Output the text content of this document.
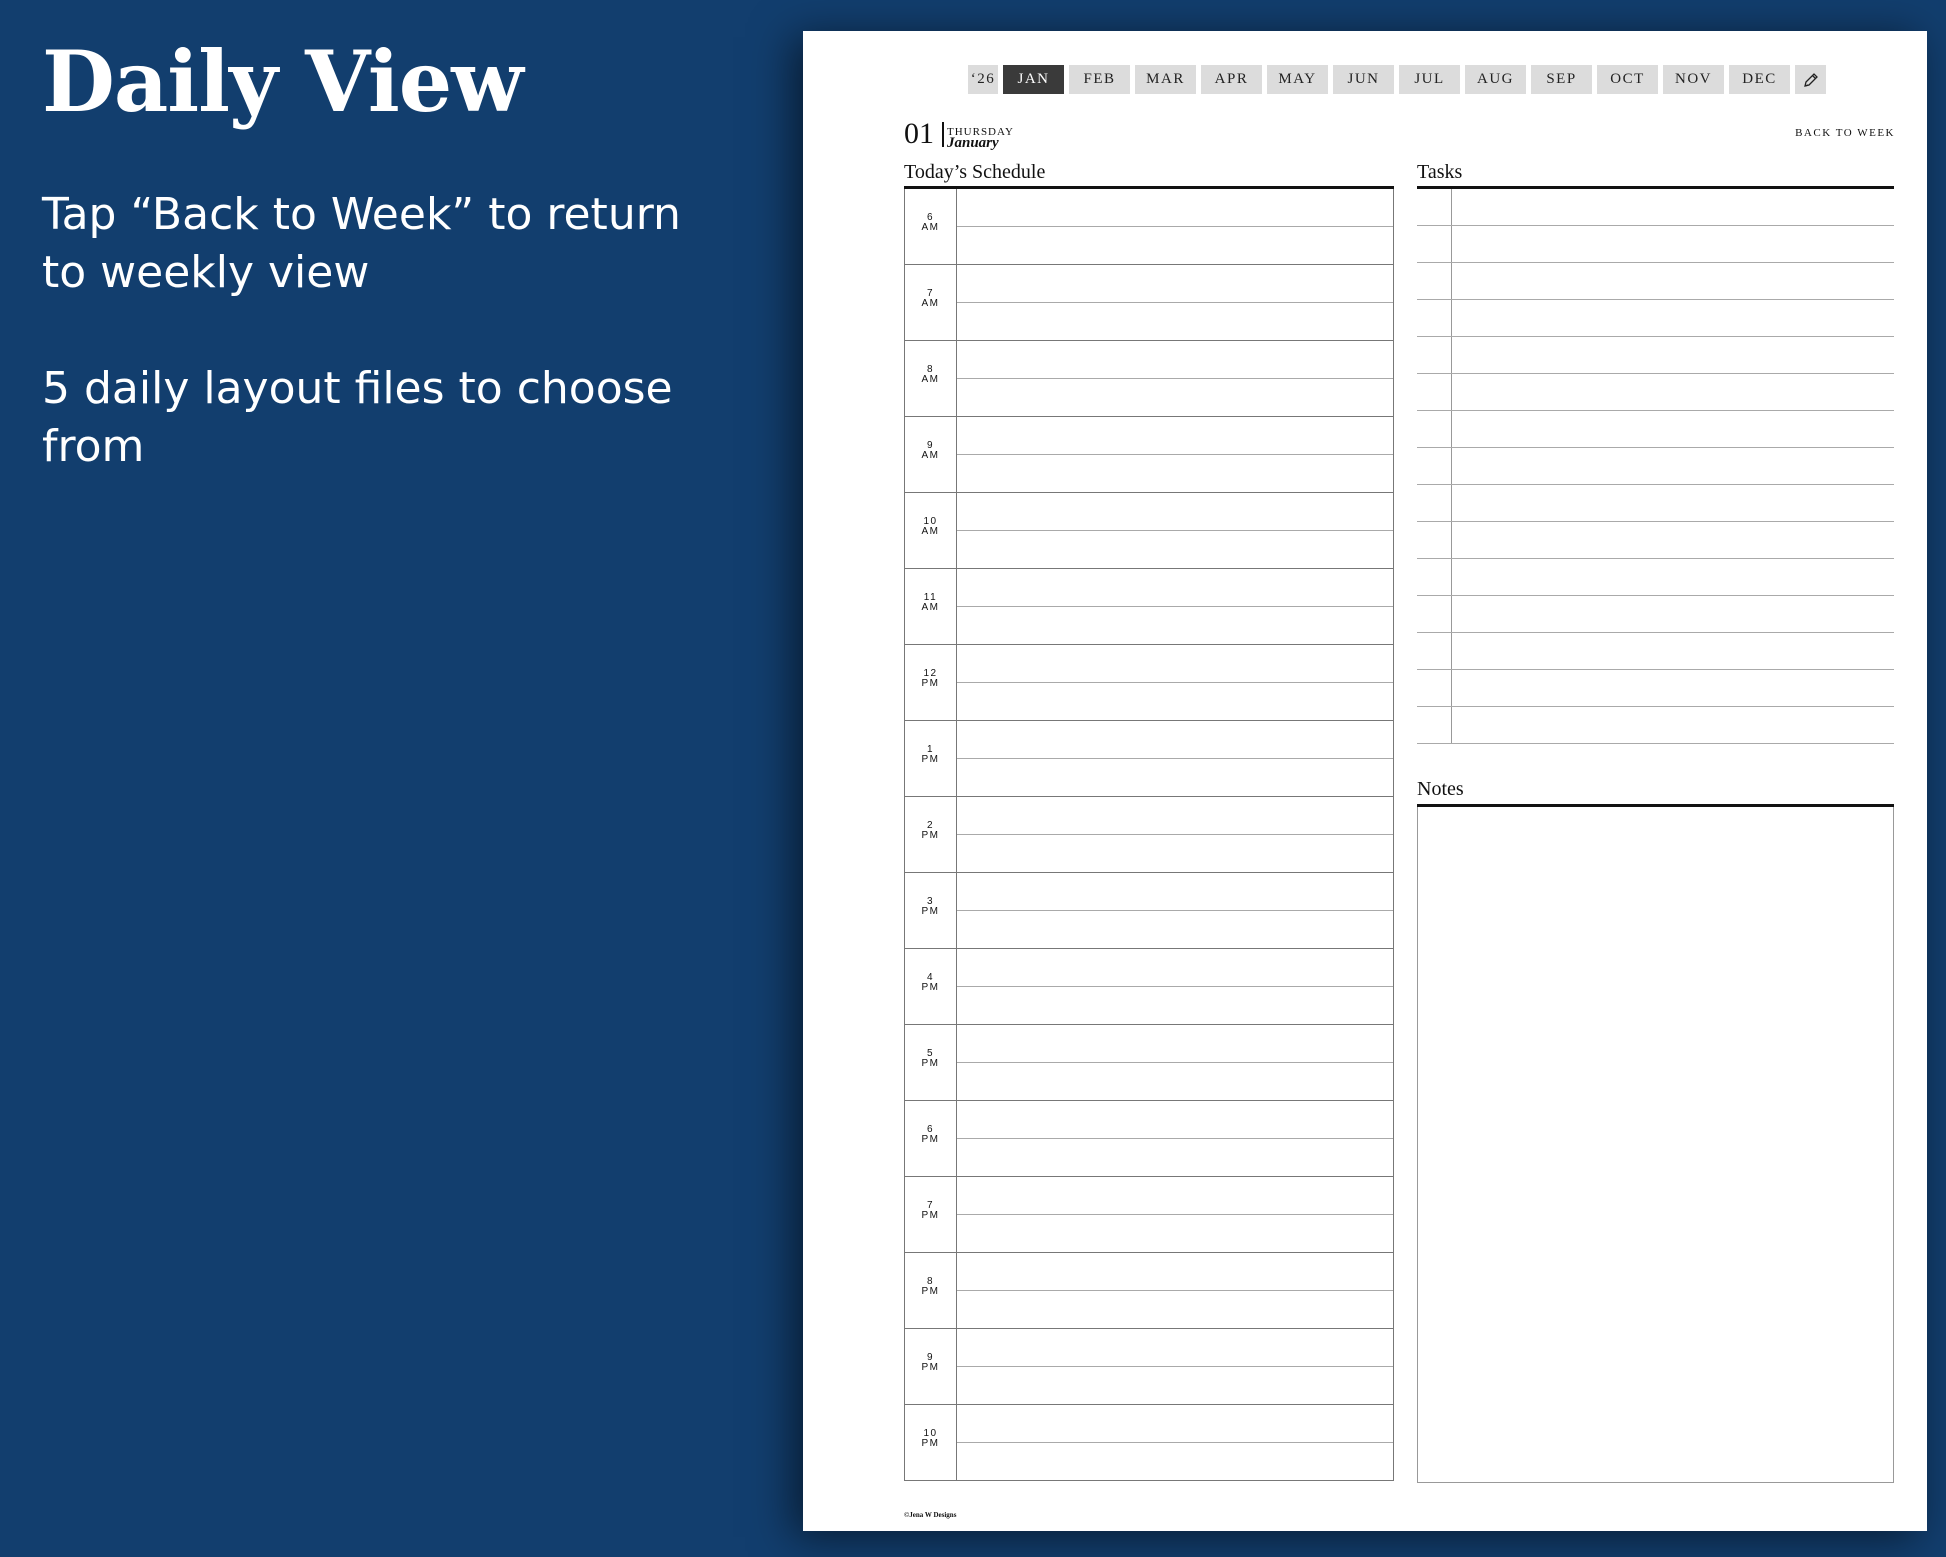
Daily View

Tap “Back to Week” to return

to weekly view

5 daily layout files to choose from

‘26	JAN	FEB	MAR	APR	MAY	JUN	JUL	AUG	SEP	OCT	NOV	DEC
01 THURSDAY
January
BACK TO WEEK
Today’s Schedule
6
AM
7
AM
8
AM
9
AM
10
AM
11
AM
12
PM
1
PM
2
PM
3
PM
4
PM
5
PM
6
PM
7
PM
8
PM
9
PM
10
PM
Tasks
Notes
©Jena W Designs
